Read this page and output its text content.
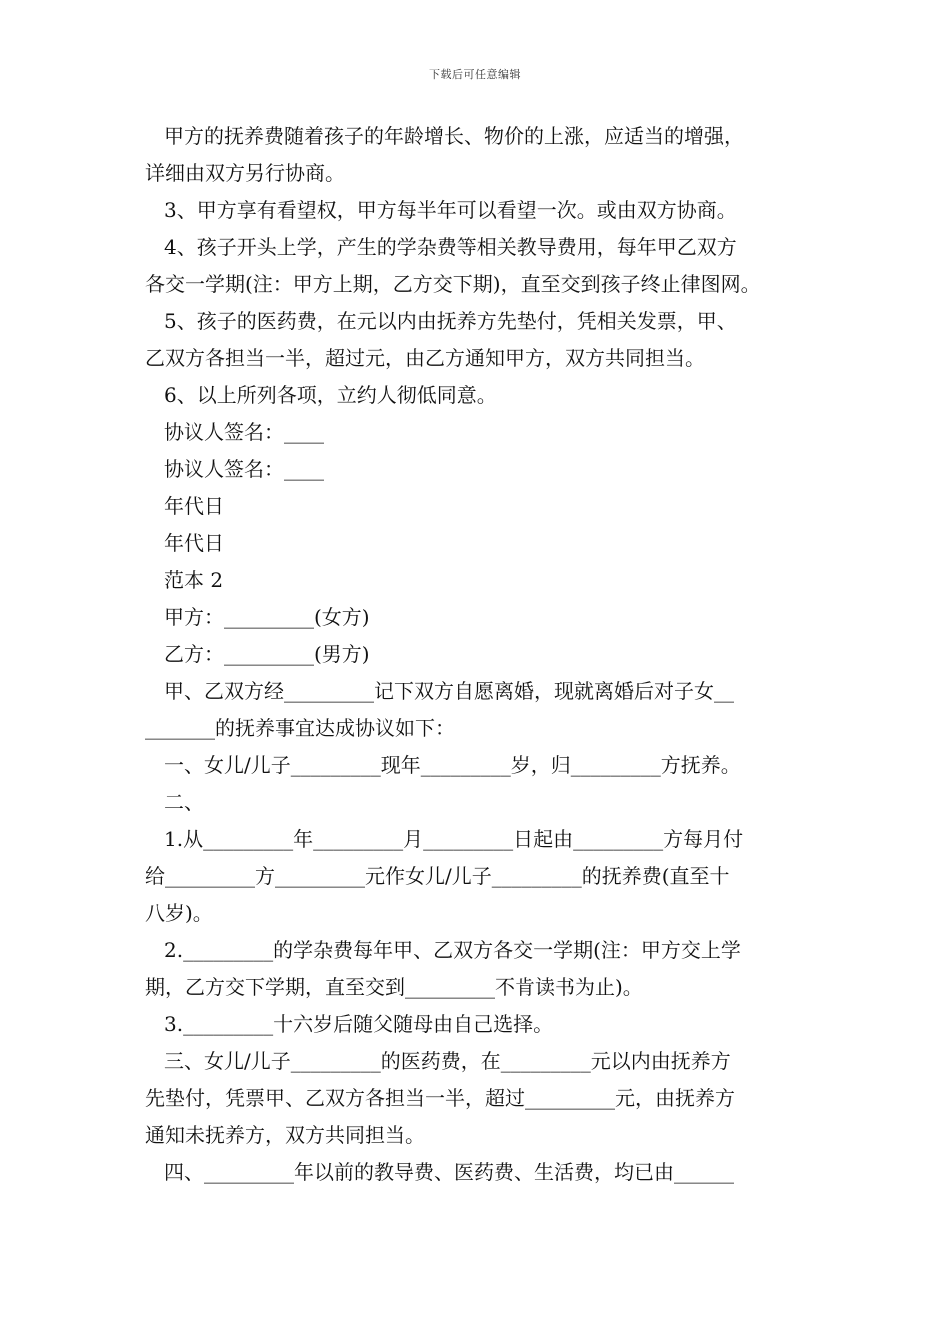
下载后可任意编辑
甲方的抚养费随着孩子的年龄增长、物价的上涨，应适当的增强，
详细由双方另行协商。
3、甲方享有看望权，甲方每半年可以看望一次。或由双方协商。
4、孩子开头上学，产生的学杂费等相关教导费用，每年甲乙双方
各交一学期(注：甲方上期，乙方交下期)，直至交到孩子终止律图网。
5、孩子的医药费，在元以内由抚养方先垫付，凭相关发票，甲、
乙双方各担当一半，超过元，由乙方通知甲方，双方共同担当。
6、以上所列各项，立约人彻低同意。
协议人签名：____
协议人签名：____
年代日
年代日
范本 2
甲方：_________(女方)
乙方：_________(男方)
甲、乙双方经_________记下双方自愿离婚，现就离婚后对子女__
_______的抚养事宜达成协议如下：
一、女儿/儿子_________现年_________岁，归_________方抚养。
二、
1.从_________年_________月_________日起由_________方每月付
给_________方_________元作女儿/儿子_________的抚养费(直至十
八岁)。
2._________的学杂费每年甲、乙双方各交一学期(注：甲方交上学
期，乙方交下学期，直至交到_________不肯读书为止)。
3._________十六岁后随父随母由自己选择。
三、女儿/儿子_________的医药费，在_________元以内由抚养方
先垫付，凭票甲、乙双方各担当一半，超过_________元，由抚养方
通知未抚养方，双方共同担当。
四、_________年以前的教导费、医药费、生活费，均已由______
